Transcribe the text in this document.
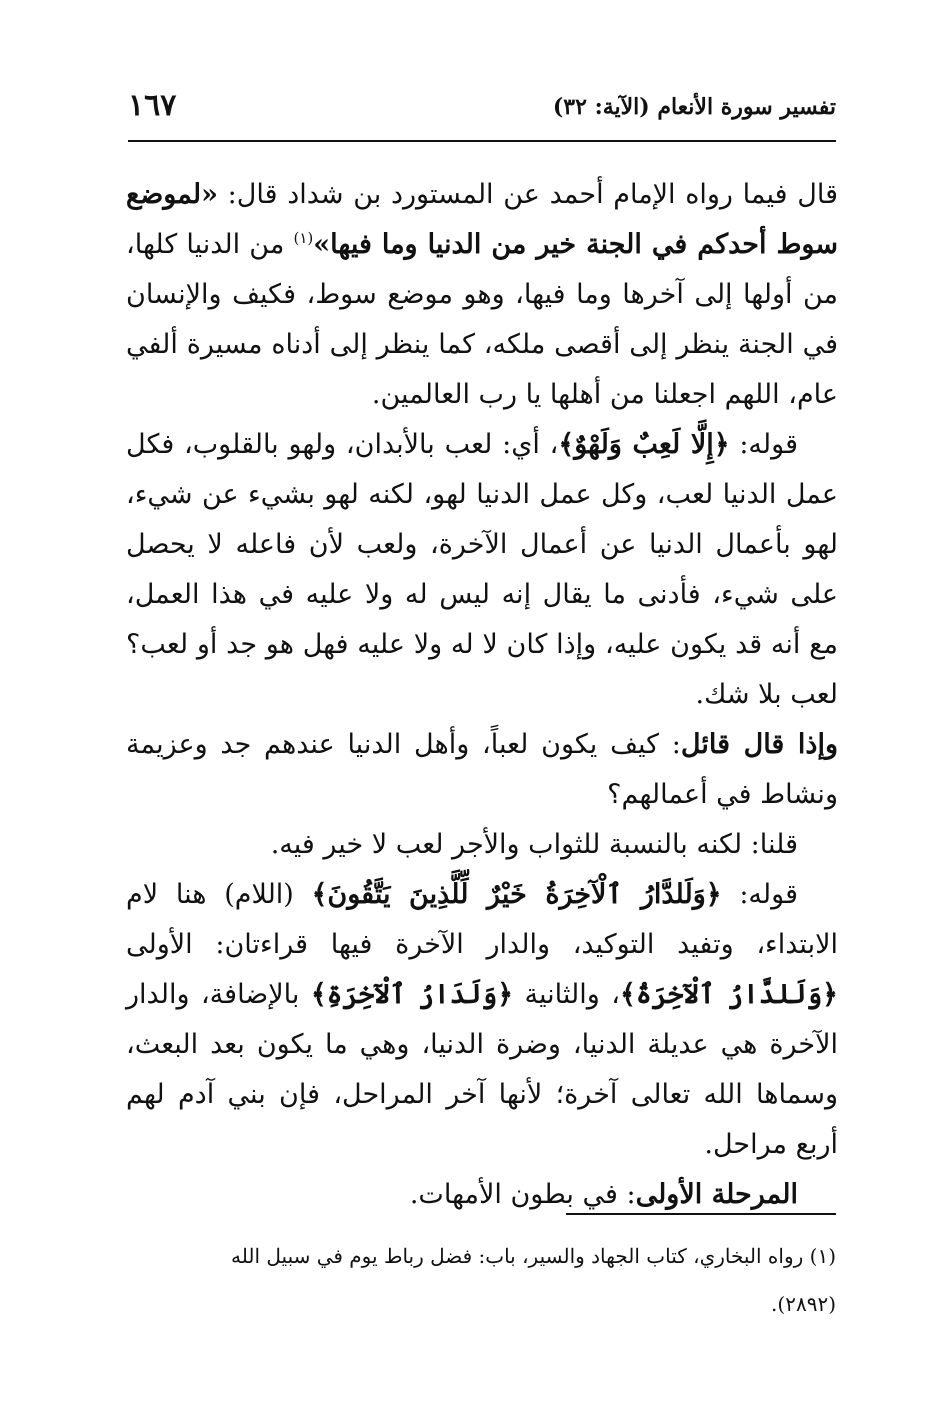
تفسير سورة الأنعام (الآية: ٣٢)
١٦٧

قال فيما رواه الإمام أحمد عن المستورد بن شداد قال: «لموضع سوط أحدكم في الجنة خير من الدنيا وما فيها»$^{(١)}$ من الدنيا كلها، من أولها إلى آخرها وما فيها، وهو موضع سوط، فكيف والإنسان في الجنة ينظر إلى أقصى ملكه، كما ينظر إلى أدناه مسيرة ألفي عام، اللهم اجعلنا من أهلها يا رب العالمين.

قوله: ﴿إِلَّا لَعِبٌ وَلَهْوٌ﴾، أي: لعب بالأبدان، ولهو بالقلوب، فكل عمل الدنيا لعب، وكل عمل الدنيا لهو، لكنه لهو بشيء عن شيء، لهو بأعمال الدنيا عن أعمال الآخرة، ولعب لأن فاعله لا يحصل على شيء، فأدنى ما يقال إنه ليس له ولا عليه في هذا العمل، مع أنه قد يكون عليه، وإذا كان لا له ولا عليه فهل هو جد أو لعب؟ لعب بلا شك.

وإذا قال قائل: كيف يكون لعباً، وأهل الدنيا عندهم جد وعزيمة ونشاط في أعمالهم؟

قلنا: لكنه بالنسبة للثواب والأجر لعب لا خير فيه.

قوله: ﴿وَلَلدَّارُ ٱلْآخِرَةُ خَيْرٌ لِّلَّذِينَ يَتَّقُونَ﴾ (اللام) هنا لام الابتداء، وتفيد التوكيد، والدار الآخرة فيها قراءتان: الأولى ﴿وَلَلدَّارُ ٱلْآخِرَةُ﴾، والثانية ﴿وَلَدَارُ ٱلْآخِرَةِ﴾ بالإضافة، والدار الآخرة هي عديلة الدنيا، وضرة الدنيا، وهي ما يكون بعد البعث، وسماها الله تعالى آخرة؛ لأنها آخر المراحل، فإن بني آدم لهم أربع مراحل.

المرحلة الأولى: في بطون الأمهات.

(١) رواه البخاري، كتاب الجهاد والسير، باب: فضل رباط يوم في سبيل الله

(٢٨٩٢).
